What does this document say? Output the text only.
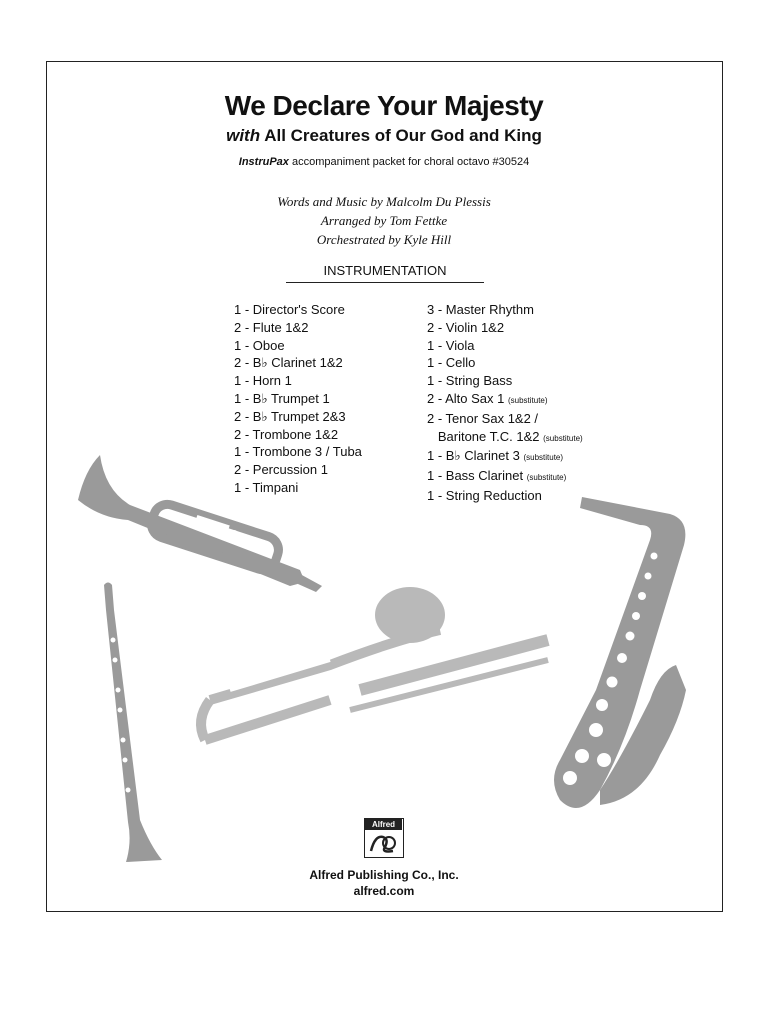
We Declare Your Majesty
with All Creatures of Our God and King
InstruPax accompaniment packet for choral octavo #30524
Words and Music by Malcolm Du Plessis
Arranged by Tom Fettke
Orchestrated by Kyle Hill
INSTRUMENTATION
1 - Director's Score
2 - Flute 1&2
1 - Oboe
2 - B♭ Clarinet 1&2
1 - Horn 1
1 - B♭ Trumpet 1
2 - B♭ Trumpet 2&3
2 - Trombone 1&2
1 - Trombone 3 / Tuba
2 - Percussion 1
1 - Timpani
3 - Master Rhythm
2 - Violin 1&2
1 - Viola
1 - Cello
1 - String Bass
2 - Alto Sax 1 (substitute)
2 - Tenor Sax 1&2 /
Baritone T.C. 1&2 (substitute)
1 - B♭ Clarinet 3 (substitute)
1 - Bass Clarinet (substitute)
1 - String Reduction
Alfred
Alfred Publishing Co., Inc.
alfred.com
